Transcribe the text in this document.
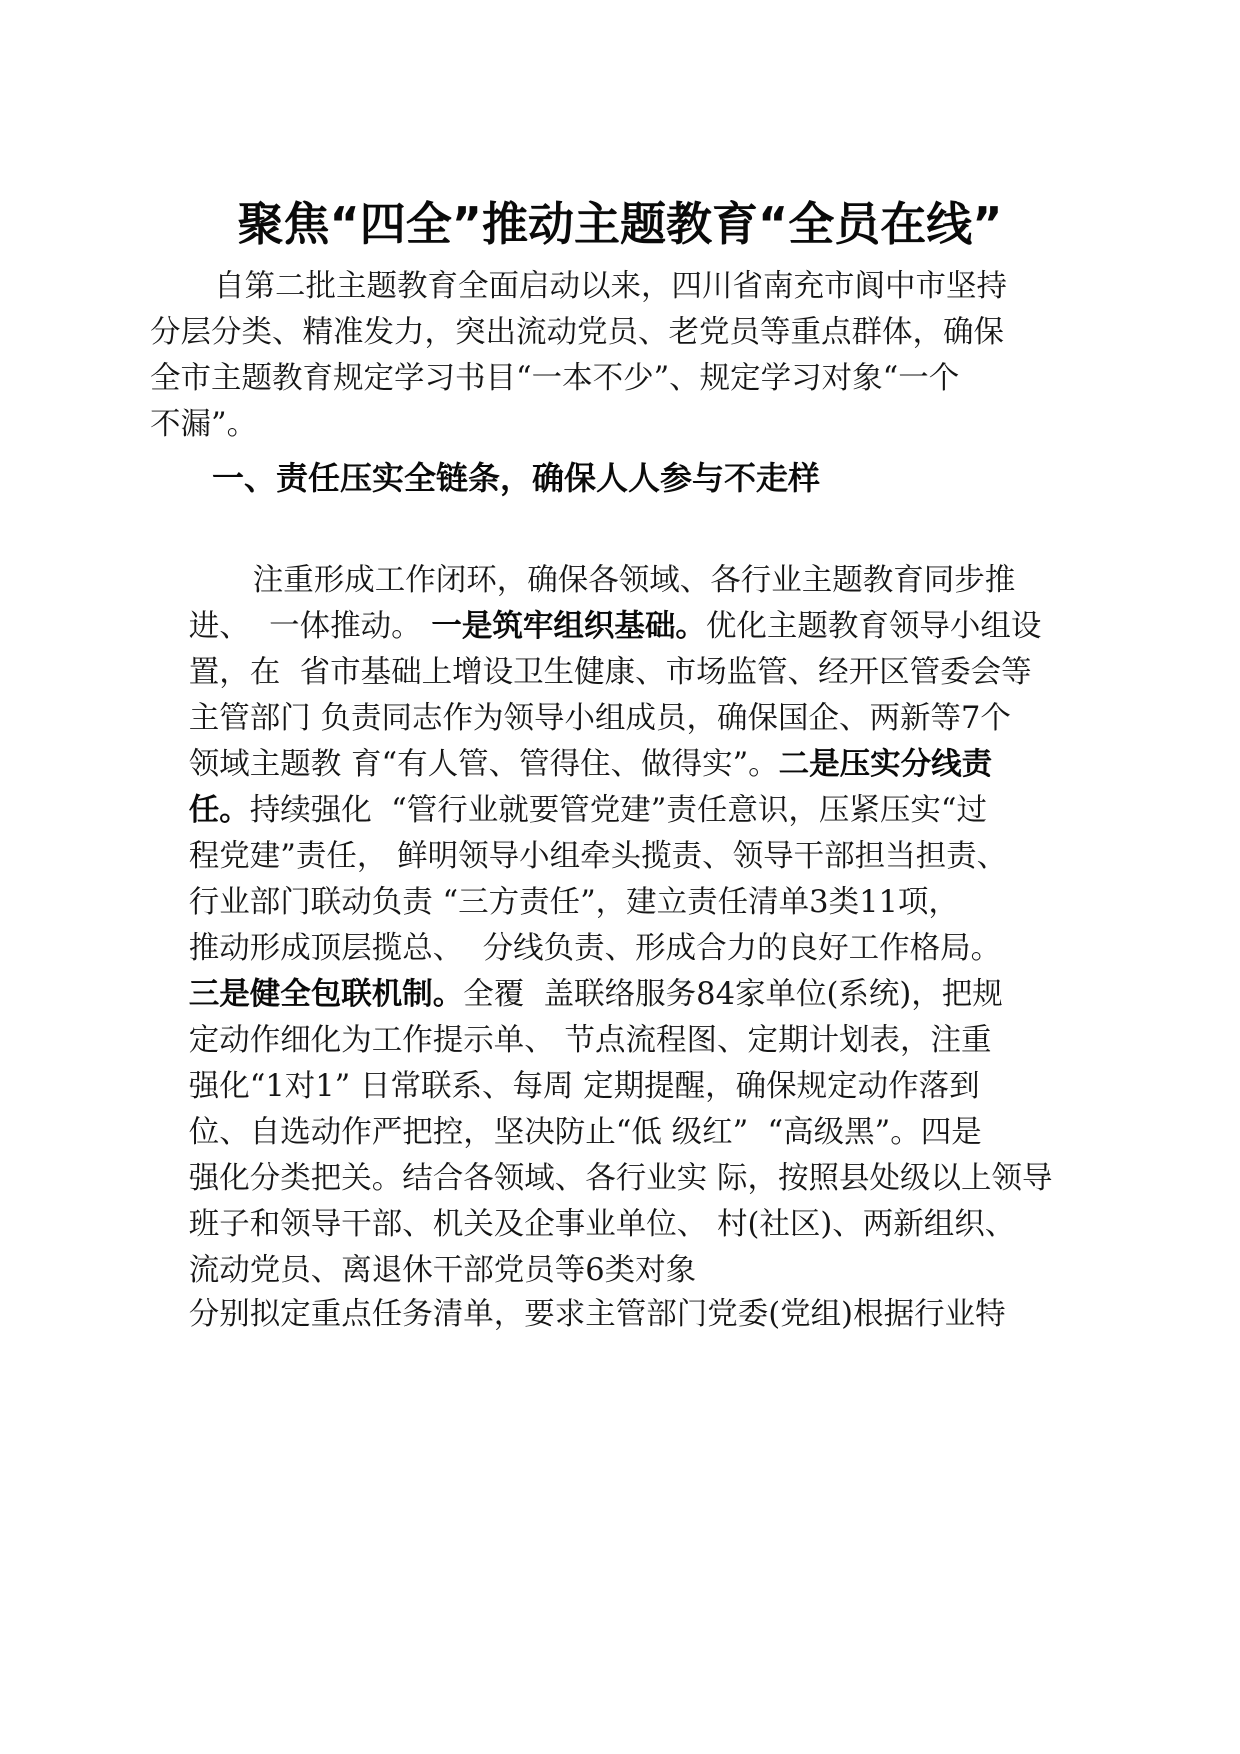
聚焦“四全”推动主题教育“全员在线”
自第二批主题教育全面启动以来，四川省南充市阆中市坚持
分层分类、精准发力，突出流动党员、老党员等重点群体，确保
全市主题教育规定学习书目“一本不少”、规定学习对象“一个
不漏”。
一、责任压实全链条，确保人人参与不走样

注重形成工作闭环，确保各领域、各行业主题教育同步推

进、  一体推动。 一是筑牢组织基础。优化主题教育领导小组设

置，在  省市基础上增设卫生健康、市场监管、经开区管委会等

主管部门 负责同志作为领导小组成员，确保国企、两新等7个

领域主题教 育“有人管、管得住、做得实”。二是压实分线责

任。持续强化  “管行业就要管党建”责任意识，压紧压实“过

程党建”责任， 鲜明领导小组牵头揽责、领导干部担当担责、

行业部门联动负责 “三方责任”，建立责任清单3类11项，

推动形成顶层揽总、  分线负责、形成合力的良好工作格局。

三是健全包联机制。全覆  盖联络服务84家单位(系统)，把规

定动作细化为工作提示单、 节点流程图、定期计划表，注重

强化“1对1” 日常联系、每周 定期提醒，确保规定动作落到

位、自选动作严把控，坚决防止“低 级红”  “高级黑”。四是

强化分类把关。结合各领域、各行业实 际，按照县处级以上领导

班子和领导干部、机关及企事业单位、 村(社区)、两新组织、

流动党员、离退休干部党员等6类对象

分别拟定重点任务清单，要求主管部门党委(党组)根据行业特
